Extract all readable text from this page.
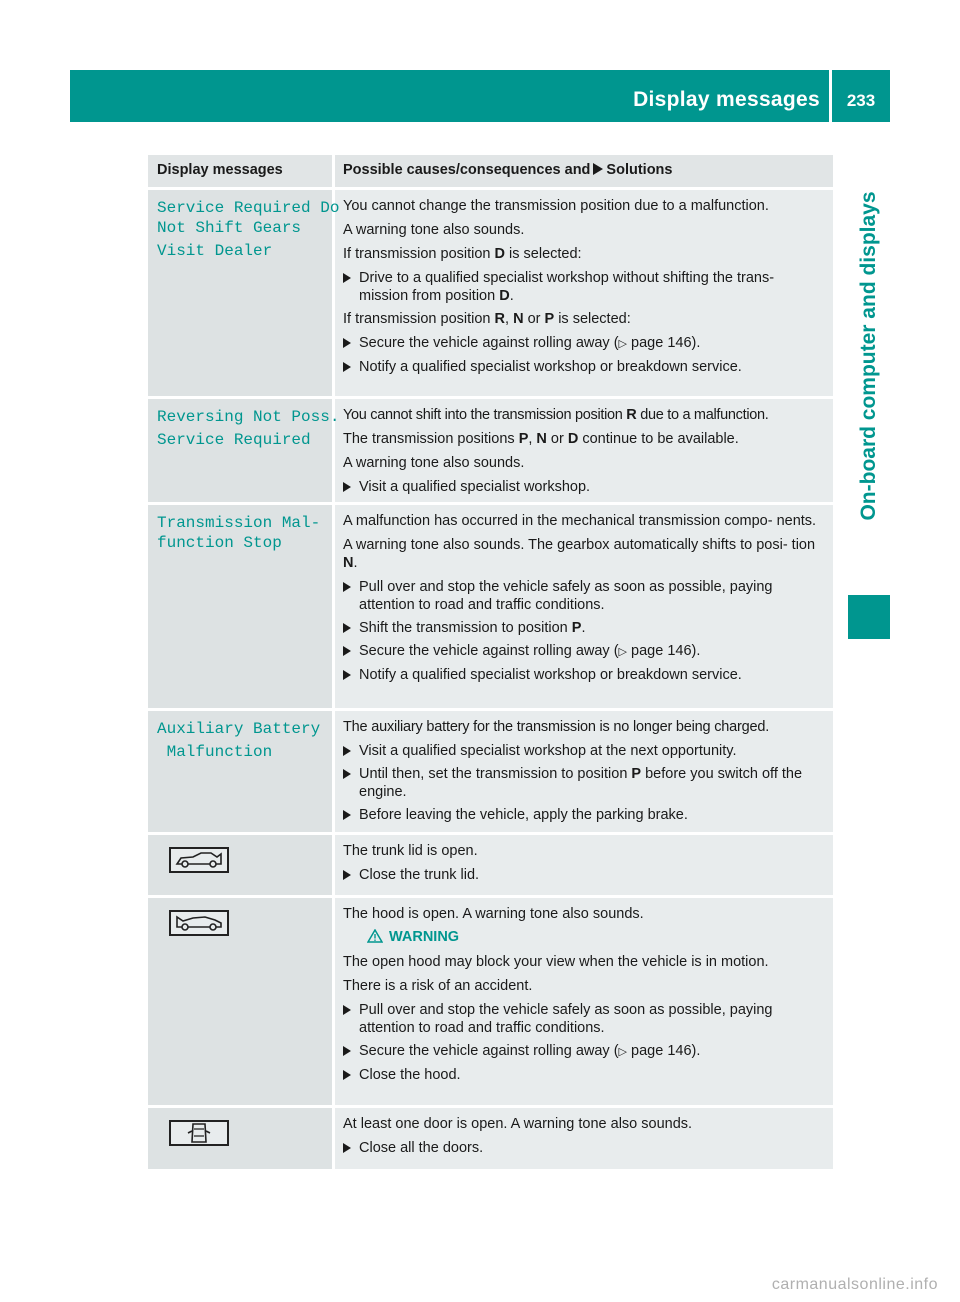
Display messages	233
On-board computer and displays
Display messages	Possible causes/consequences and Solutions
Service Required Do
Not Shift Gears
Visit Dealer

You cannot change the transmission position due to a malfunction.

A warning tone also sounds.

If transmission position D is selected:

Drive to a qualified specialist workshop without shifting the trans- mission from position D.

If transmission position R, N or P is selected:

Secure the vehicle against rolling away (▷ page 146).
Notify a qualified specialist workshop or breakdown service.
Reversing Not Poss.
Service Required

You cannot shift into the transmission position R due to a malfunction.

The transmission positions P, N or D continue to be available.

A warning tone also sounds.

Visit a qualified specialist workshop.
Transmission Mal‐
function Stop

A malfunction has occurred in the mechanical transmission compo- nents.

A warning tone also sounds. The gearbox automatically shifts to posi- tion N.

Pull over and stop the vehicle safely as soon as possible, paying attention to road and traffic conditions.
Shift the transmission to position P.
Secure the vehicle against rolling away (▷ page 146).
Notify a qualified specialist workshop or breakdown service.
Auxiliary Battery
Malfunction

The auxiliary battery for the transmission is no longer being charged.

Visit a qualified specialist workshop at the next opportunity.
Until then, set the transmission to position P before you switch off the engine.
Before leaving the vehicle, apply the parking brake.

The trunk lid is open.

Close the trunk lid.

The hood is open. A warning tone also sounds.

WARNING

The open hood may block your view when the vehicle is in motion.

There is a risk of an accident.

Pull over and stop the vehicle safely as soon as possible, paying attention to road and traffic conditions.
Secure the vehicle against rolling away (▷ page 146).
Close the hood.

At least one door is open. A warning tone also sounds.

Close all the doors.
carmanualsonline.info
